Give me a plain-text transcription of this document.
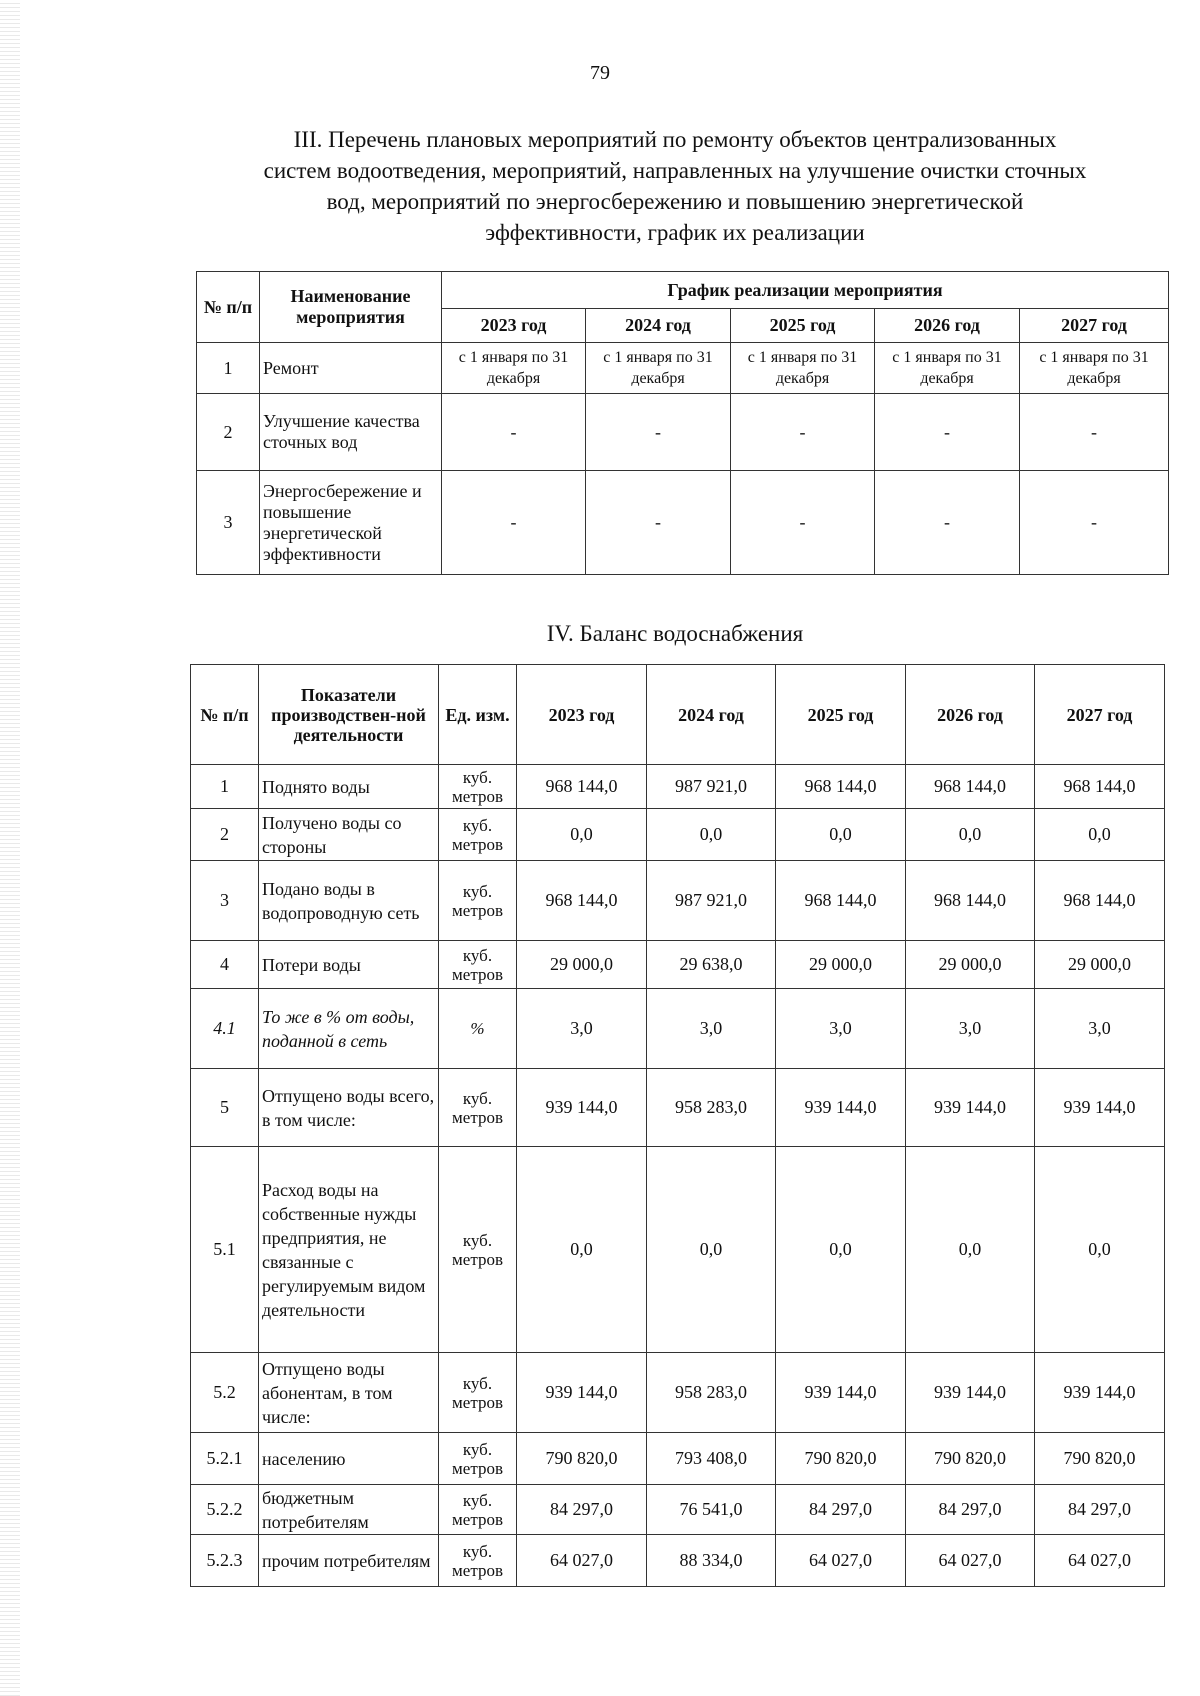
79
III. Перечень плановых мероприятий по ремонту объектов централизованных
систем водоотведения, мероприятий, направленных на улучшение очистки сточных
вод, мероприятий по энергосбережению и повышению энергетической
эффективности, график их реализации
№ п/п	Наименование мероприятия	График реализации мероприятия				
		2023 год	2024 год	2025 год	2026 год	2027 год
1	Ремонт	с 1 января по 31 декабря	с 1 января по 31 декабря	с 1 января по 31 декабря	с 1 января по 31 декабря	с 1 января по 31 декабря
2	Улучшение качества сточных вод	-	-	-	-	-
3	Энергосбережение и повышение энергетической эффективности	-	-	-	-	-
IV. Баланс водоснабжения
№ п/п	Показатели производствен-ной деятельности	Ед. изм.	2023 год	2024 год	2025 год	2026 год	2027 год
1	Поднято воды	куб. метров	968 144,0	987 921,0	968 144,0	968 144,0	968 144,0
2	Получено воды со стороны	куб. метров	0,0	0,0	0,0	0,0	0,0
3	Подано воды в водопроводную сеть	куб. метров	968 144,0	987 921,0	968 144,0	968 144,0	968 144,0
4	Потери воды	куб. метров	29 000,0	29 638,0	29 000,0	29 000,0	29 000,0
4.1	То же в % от воды, поданной в сеть	%	3,0	3,0	3,0	3,0	3,0
5	Отпущено воды всего, в том числе:	куб. метров	939 144,0	958 283,0	939 144,0	939 144,0	939 144,0
5.1	Расход воды на собственные нужды предприятия, не связанные с регулируемым видом деятельности	куб. метров	0,0	0,0	0,0	0,0	0,0
5.2	Отпущено воды абонентам, в том числе:	куб. метров	939 144,0	958 283,0	939 144,0	939 144,0	939 144,0
5.2.1	населению	куб. метров	790 820,0	793 408,0	790 820,0	790 820,0	790 820,0
5.2.2	бюджетным потребителям	куб. метров	84 297,0	76 541,0	84 297,0	84 297,0	84 297,0
5.2.3	прочим потребителям	куб. метров	64 027,0	88 334,0	64 027,0	64 027,0	64 027,0
